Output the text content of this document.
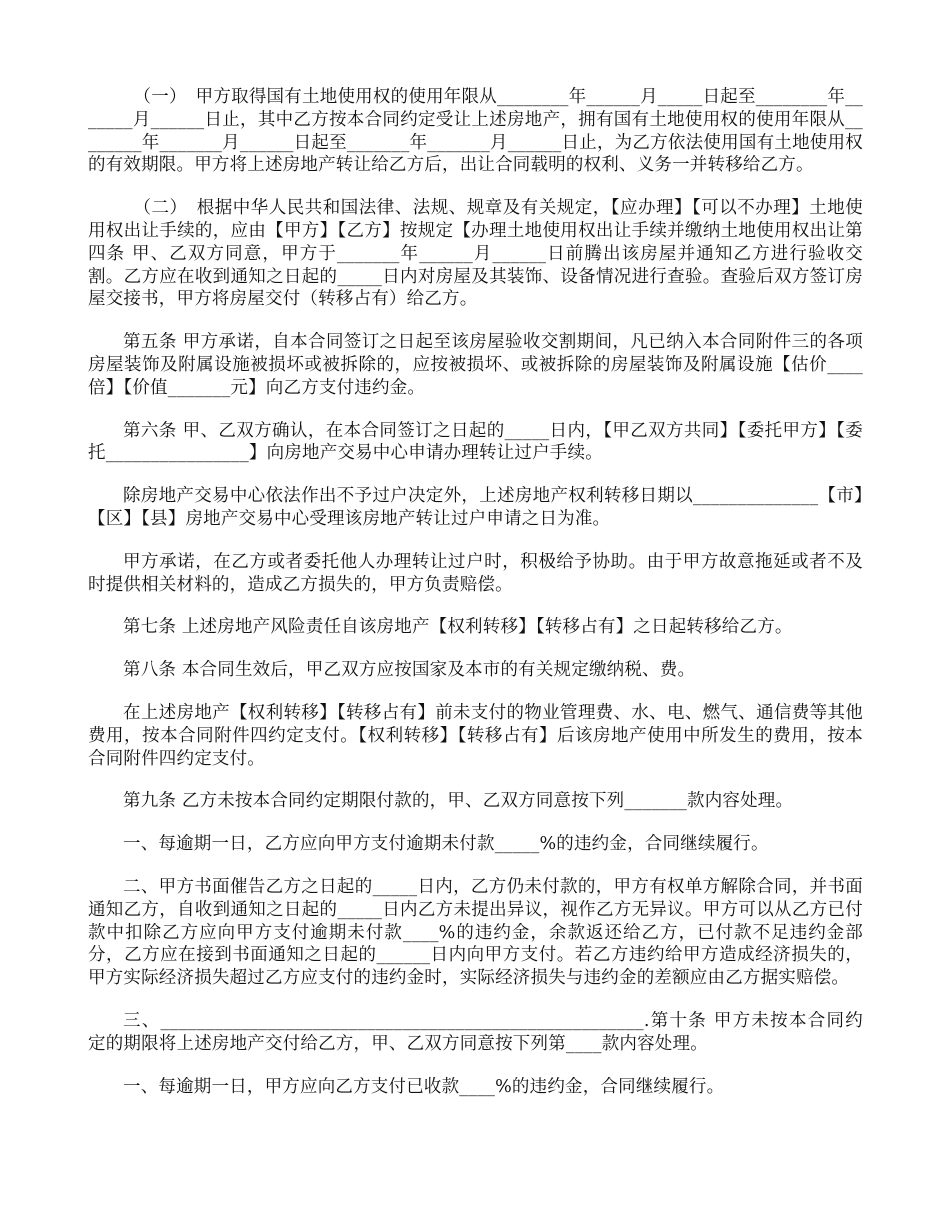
（一）　甲方取得国有土地使用权的使用年限从________年______月_____日起至________年_______月______日止，其中乙方按本合同约定受让上述房地产，拥有国有土地使用权的使用年限从________年_______月______日起至_______年_______月______日止，为乙方依法使用国有土地使用权的有效期限。甲方将上述房地产转让给乙方后，出让合同载明的权利、义务一并转移给乙方。

（二）　根据中华人民共和国法律、法规、规章及有关规定，【应办理】【可以不办理】土地使用权出让手续的，应由【甲方】【乙方】按规定【办理土地使用权出让手续并缴纳土地使用权出让第四条 甲、乙双方同意，甲方于_______年______月______日前腾出该房屋并通知乙方进行验收交割。乙方应在收到通知之日起的_____日内对房屋及其装饰、设备情况进行查验。查验后双方签订房屋交接书，甲方将房屋交付（转移占有）给乙方。

第五条 甲方承诺，自本合同签订之日起至该房屋验收交割期间，凡已纳入本合同附件三的各项房屋装饰及附属设施被损坏或被拆除的，应按被损坏、或被拆除的房屋装饰及附属设施【估价____倍】【价值_______元】向乙方支付违约金。

第六条 甲、乙双方确认，在本合同签订之日起的_____日内，【甲乙双方共同】【委托甲方】【委托________________】向房地产交易中心申请办理转让过户手续。

除房地产交易中心依法作出不予过户决定外，上述房地产权利转移日期以______________【市】【区】【县】房地产交易中心受理该房地产转让过户申请之日为准。

甲方承诺，在乙方或者委托他人办理转让过户时，积极给予协助。由于甲方故意拖延或者不及时提供相关材料的，造成乙方损失的，甲方负责赔偿。

第七条 上述房地产风险责任自该房地产【权利转移】【转移占有】之日起转移给乙方。

第八条 本合同生效后，甲乙双方应按国家及本市的有关规定缴纳税、费。

在上述房地产【权利转移】【转移占有】前未支付的物业管理费、水、电、燃气、通信费等其他费用，按本合同附件四约定支付。【权利转移】【转移占有】后该房地产使用中所发生的费用，按本合同附件四约定支付。

第九条 乙方未按本合同约定期限付款的，甲、乙双方同意按下列_______款内容处理。

一、每逾期一日，乙方应向甲方支付逾期未付款_____%的违约金，合同继续履行。

二、甲方书面催告乙方之日起的_____日内，乙方仍未付款的，甲方有权单方解除合同，并书面通知乙方，自收到通知之日起的_____日内乙方未提出异议，视作乙方无异议。甲方可以从乙方已付款中扣除乙方应向甲方支付逾期未付款____%的违约金，余款返还给乙方，已付款不足违约金部分，乙方应在接到书面通知之日起的______日内向甲方支付。若乙方违约给甲方造成经济损失的，甲方实际经济损失超过乙方应支付的违约金时，实际经济损失与违约金的差额应由乙方据实赔偿。

三、______________________________________________________.第十条 甲方未按本合同约定的期限将上述房地产交付给乙方，甲、乙双方同意按下列第____款内容处理。

一、每逾期一日，甲方应向乙方支付已收款____%的违约金，合同继续履行。
